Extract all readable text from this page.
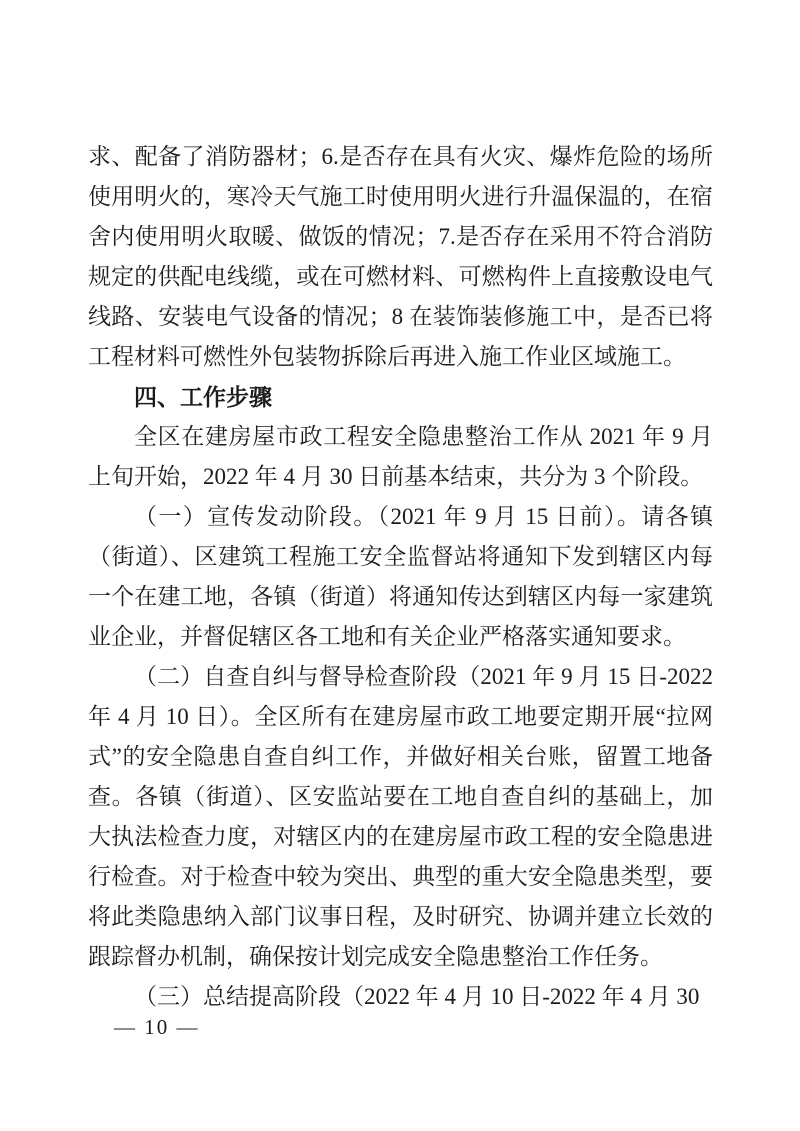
求、配备了消防器材；6.是否存在具有火灾、爆炸危险的场所使用明火的，寒冷天气施工时使用明火进行升温保温的，在宿舍内使用明火取暖、做饭的情况；7.是否存在采用不符合消防规定的供配电线缆，或在可燃材料、可燃构件上直接敷设电气线路、安装电气设备的情况；8 在装饰装修施工中，是否已将工程材料可燃性外包装物拆除后再进入施工作业区域施工。

四、工作步骤

全区在建房屋市政工程安全隐患整治工作从 2021 年 9 月上旬开始，2022 年 4 月 30 日前基本结束，共分为 3 个阶段。

（一）宣传发动阶段。（2021 年 9 月 15 日前）。请各镇（街道）、区建筑工程施工安全监督站将通知下发到辖区内每一个在建工地，各镇（街道）将通知传达到辖区内每一家建筑业企业，并督促辖区各工地和有关企业严格落实通知要求。

（二）自查自纠与督导检查阶段（2021 年 9 月 15 日-2022 年 4 月 10 日）。全区所有在建房屋市政工地要定期开展“拉网式”的安全隐患自查自纠工作，并做好相关台账，留置工地备查。各镇（街道）、区安监站要在工地自查自纠的基础上，加大执法检查力度，对辖区内的在建房屋市政工程的安全隐患进行检查。对于检查中较为突出、典型的重大安全隐患类型，要将此类隐患纳入部门议事日程，及时研究、协调并建立长效的跟踪督办机制，确保按计划完成安全隐患整治工作任务。

（三）总结提高阶段（2022 年 4 月 10 日-2022 年 4 月 30

— 10 —
